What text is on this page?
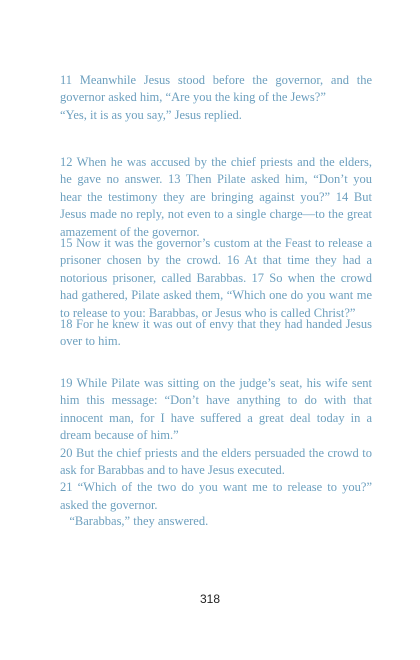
11 Meanwhile Jesus stood before the governor, and the governor asked him, “Are you the king of the Jews?”
“Yes, it is as you say,” Jesus replied.

12 When he was accused by the chief priests and the elders, he gave no answer. 13 Then Pilate asked him, “Don’t you hear the testimony they are bringing against you?” 14 But Jesus made no reply, not even to a single charge—to the great amazement of the governor.

15 Now it was the governor’s custom at the Feast to release a prisoner chosen by the crowd. 16 At that time they had a notorious prisoner, called Barabbas. 17 So when the crowd had gathered, Pilate asked them, “Which one do you want me to release to you: Barabbas, or Jesus who is called Christ?”

18 For he knew it was out of envy that they had handed Jesus over to him.

19 While Pilate was sitting on the judge’s seat, his wife sent him this message: “Don’t have anything to do with that innocent man, for I have suffered a great deal today in a dream because of him.”
20 But the chief priests and the elders persuaded the crowd to ask for Barabbas and to have Jesus executed.
21 “Which of the two do you want me to release to you?” asked the governor.

“Barabbas,” they answered.

318
